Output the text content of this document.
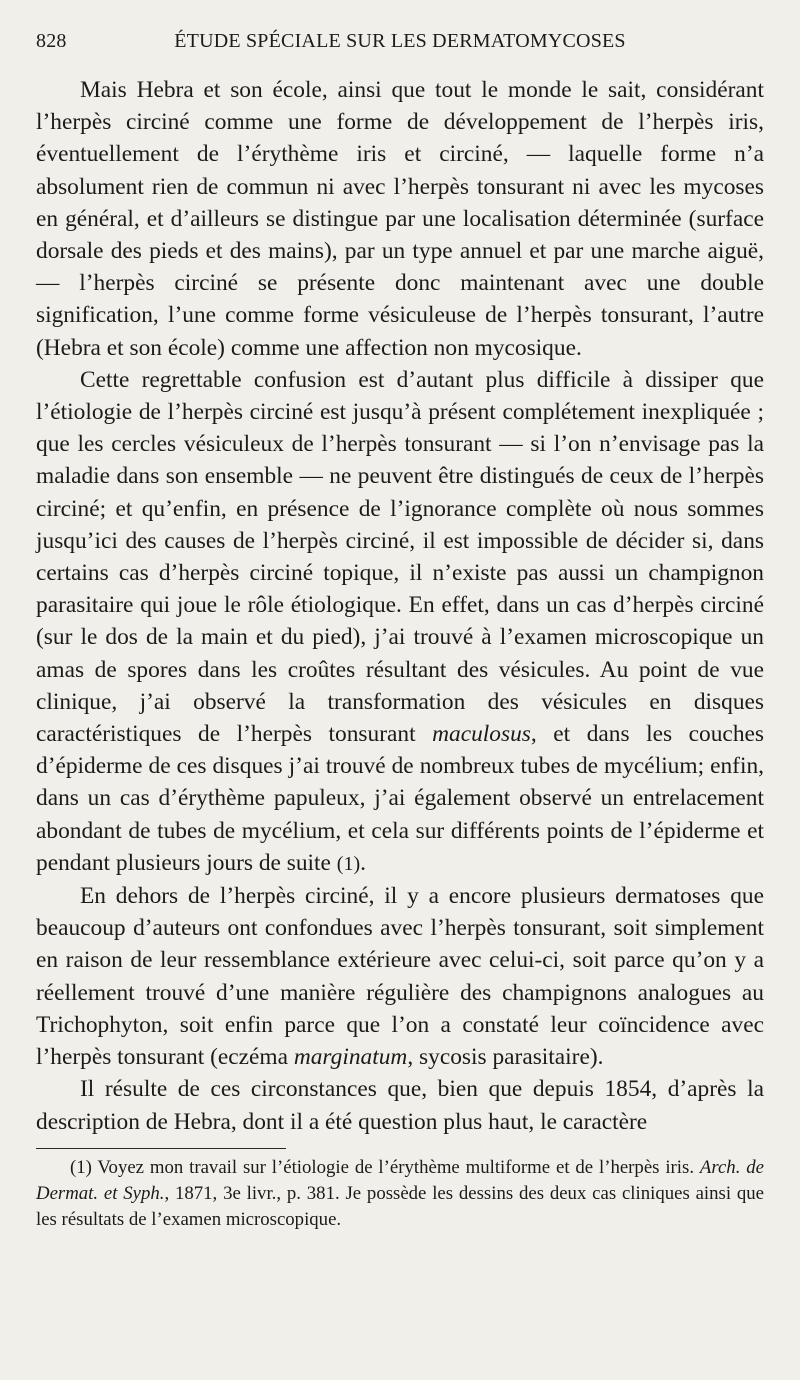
828	ÉTUDE SPÉCIALE SUR LES DERMATOMYCOSES

Mais Hebra et son école, ainsi que tout le monde le sait, considérant l’herpès circiné comme une forme de développement de l’herpès iris, éventuellement de l’érythème iris et circiné, — laquelle forme n’a absolument rien de commun ni avec l’herpès tonsurant ni avec les mycoses en général, et d’ailleurs se distingue par une localisation déterminée (surface dorsale des pieds et des mains), par un type annuel et par une marche aiguë, — l’herpès circiné se présente donc maintenant avec une double signification, l’une comme forme vésiculeuse de l’herpès tonsurant, l’autre (Hebra et son école) comme une affection non mycosique.

Cette regrettable confusion est d’autant plus difficile à dissiper que l’étiologie de l’herpès circiné est jusqu’à présent complétement inexpliquée ; que les cercles vésiculeux de l’herpès tonsurant — si l’on n’envisage pas la maladie dans son ensemble — ne peuvent être distingués de ceux de l’herpès circiné; et qu’enfin, en présence de l’ignorance complète où nous sommes jusqu’ici des causes de l’herpès circiné, il est impossible de décider si, dans certains cas d’herpès circiné topique, il n’existe pas aussi un champignon parasitaire qui joue le rôle étiologique. En effet, dans un cas d’herpès circiné (sur le dos de la main et du pied), j’ai trouvé à l’examen microscopique un amas de spores dans les croûtes résultant des vésicules. Au point de vue clinique, j’ai observé la transformation des vésicules en disques caractéristiques de l’herpès tonsurant maculosus, et dans les couches d’épiderme de ces disques j’ai trouvé de nombreux tubes de mycélium; enfin, dans un cas d’érythème papuleux, j’ai également observé un entrelacement abondant de tubes de mycélium, et cela sur différents points de l’épiderme et pendant plusieurs jours de suite (1).

En dehors de l’herpès circiné, il y a encore plusieurs dermatoses que beaucoup d’auteurs ont confondues avec l’herpès tonsurant, soit simplement en raison de leur ressemblance extérieure avec celui-ci, soit parce qu’on y a réellement trouvé d’une manière régulière des champignons analogues au Trichophyton, soit enfin parce que l’on a constaté leur coïncidence avec l’herpès tonsurant (eczéma marginatum, sycosis parasitaire).

Il résulte de ces circonstances que, bien que depuis 1854, d’après la description de Hebra, dont il a été question plus haut, le caractère

(1) Voyez mon travail sur l’étiologie de l’érythème multiforme et de l’herpès iris. Arch. de Dermat. et Syph., 1871, 3e livr., p. 381. Je possède les dessins des deux cas cliniques ainsi que les résultats de l’examen microscopique.
